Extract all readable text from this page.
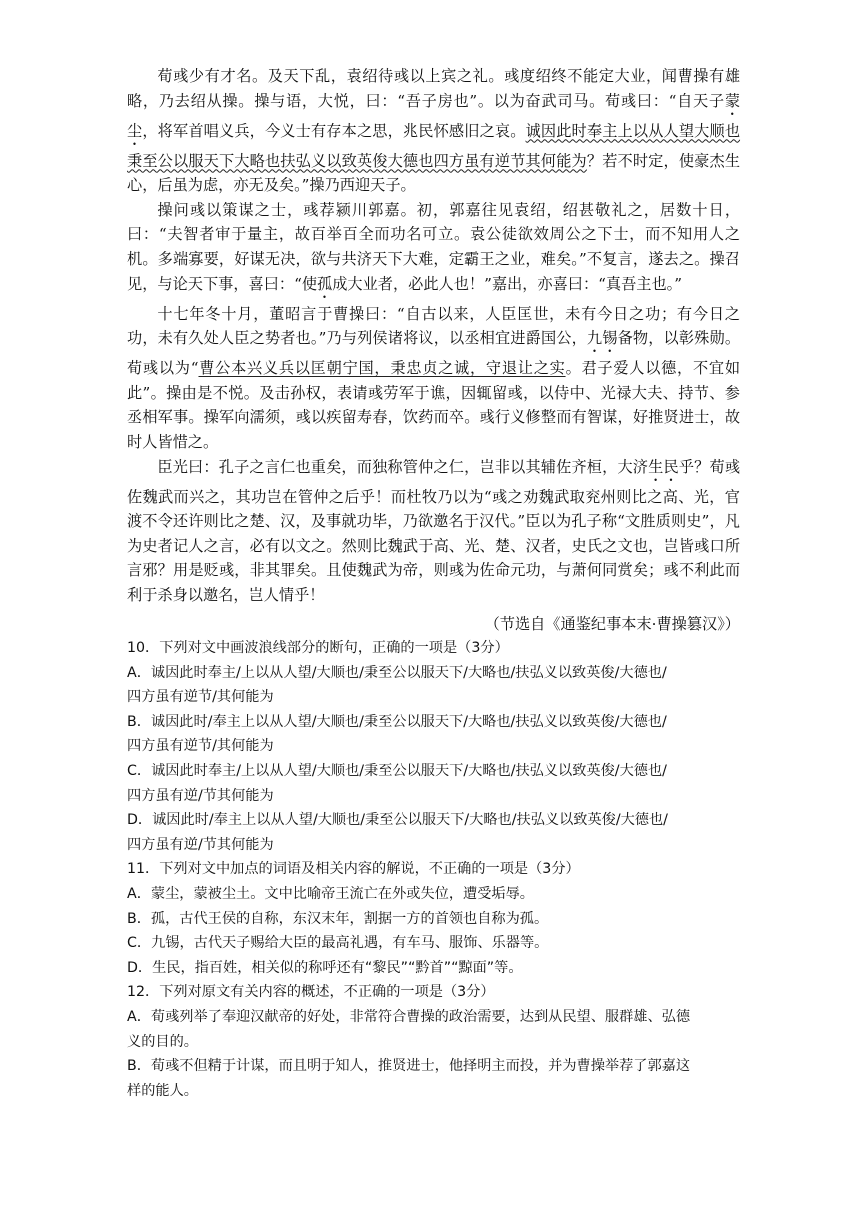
荀彧少有才名。及天下乱，袁绍待彧以上宾之礼。彧度绍终不能定大业，闻曹操有雄略，乃去绍从操。操与语，大悦，曰：“吾子房也”。以为奋武司马。荀彧曰：“自天子蒙尘，将军首唱义兵，今义士有存本之思，兆民怀感旧之哀。诚因此时奉主上以从人望大顺也秉至公以服天下大略也扶弘义以致英俊大德也四方虽有逆节其何能为？若不时定，使豪杰生心，后虽为虑，亦无及矣。”操乃西迎天子。

操问彧以策谋之士，彧荐颍川郭嘉。初，郭嘉往见袁绍，绍甚敬礼之，居数十日，曰：“夫智者审于量主，故百举百全而功名可立。袁公徒欲效周公之下士，而不知用人之机。多端寡要，好谋无决，欲与共济天下大难，定霸王之业，难矣。”不复言，遂去之。操召见，与论天下事，喜曰：“使孤成大业者，必此人也！”嘉出，亦喜曰：“真吾主也。”

十七年冬十月，董昭言于曹操曰：“自古以来，人臣匡世，未有今日之功；有今日之功，未有久处人臣之势者也。”乃与列侯诸将议，以丞相宜进爵国公，九锡备物，以彰殊勋。荀彧以为“曹公本兴义兵以匡朝宁国，秉忠贞之诚，守退让之实。君子爱人以德，不宜如此”。操由是不悦。及击孙权，表请彧劳军于谯，因辄留彧，以侍中、光禄大夫、持节、参丞相军事。操军向濡须，彧以疾留寿春，饮药而卒。彧行义修整而有智谋，好推贤进士，故时人皆惜之。

臣光曰：孔子之言仁也重矣，而独称管仲之仁，岂非以其辅佐齐桓，大济生民乎？荀彧佐魏武而兴之，其功岂在管仲之后乎！而杜牧乃以为“彧之劝魏武取兖州则比之高、光，官渡不令还许则比之楚、汉，及事就功毕，乃欲邀名于汉代。”臣以为孔子称“文胜质则史”，凡为史者记人之言，必有以文之。然则比魏武于高、光、楚、汉者，史氏之文也，岂皆彧口所言邪？用是贬彧，非其罪矣。且使魏武为帝，则彧为佐命元功，与萧何同赏矣；彧不利此而利于杀身以邀名，岂人情乎！

（节选自《通鉴纪事本末·曹操篡汉》）
10．下列对文中画波浪线部分的断句，正确的一项是（3分）
A．诚因此时奉主/上以从人望/大顺也/秉至公以服天下/大略也/扶弘义以致英俊/大德也/
四方虽有逆节/其何能为
B．诚因此时/奉主上以从人望/大顺也/秉至公以服天下/大略也/扶弘义以致英俊/大德也/
四方虽有逆节/其何能为
C．诚因此时奉主/上以从人望/大顺也/秉至公以服天下/大略也/扶弘义以致英俊/大德也/
四方虽有逆/节其何能为
D．诚因此时/奉主上以从人望/大顺也/秉至公以服天下/大略也/扶弘义以致英俊/大德也/
四方虽有逆/节其何能为
11．下列对文中加点的词语及相关内容的解说，不正确的一项是（3分）
A．蒙尘，蒙被尘土。文中比喻帝王流亡在外或失位，遭受垢辱。
B．孤，古代王侯的自称，东汉末年，割据一方的首领也自称为孤。
C．九锡，古代天子赐给大臣的最高礼遇，有车马、服饰、乐器等。
D．生民，指百姓，相关似的称呼还有“黎民”“黔首”“黥面”等。
12．下列对原文有关内容的概述，不正确的一项是（3分）
A．荀彧列举了奉迎汉献帝的好处，非常符合曹操的政治需要，达到从民望、服群雄、弘德
义的目的。
B．荀彧不但精于计谋，而且明于知人，推贤进士，他择明主而投，并为曹操举荐了郭嘉这
样的能人。
